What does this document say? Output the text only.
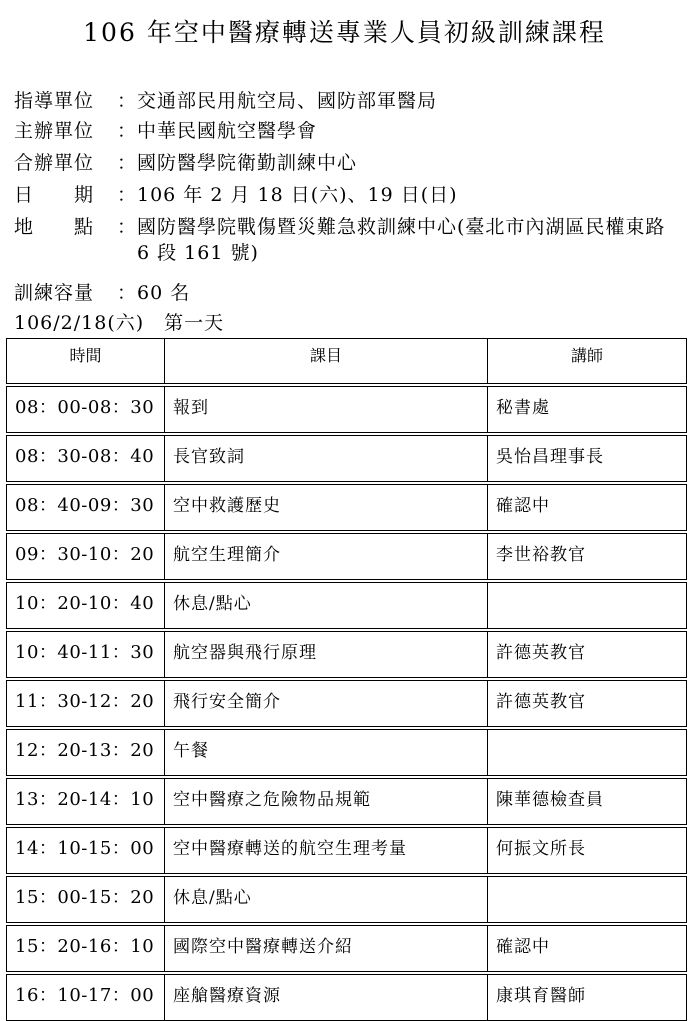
106 年空中醫療轉送專業人員初級訓練課程
指導單位 ：交通部民用航空局、國防部軍醫局
主辦單位 ：中華民國航空醫學會
合辦單位 ：國防醫學院衛勤訓練中心
日　　期 ：106 年 2 月 18 日(六)、19 日(日)
地　　點 ：國防醫學院戰傷暨災難急救訓練中心(臺北市內湖區民權東路 6 段 161 號)
訓練容量 ：60 名
106/2/18(六)　第一天
時間	課目	講師

08：00-08：30	報到	秘書處

08：30-08：40	長官致詞	吳怡昌理事長

08：40-09：30	空中救護歷史	確認中

09：30-10：20	航空生理簡介	李世裕教官

10：20-10：40	休息/點心	

10：40-11：30	航空器與飛行原理	許德英教官

11：30-12：20	飛行安全簡介	許德英教官

12：20-13：20	午餐	

13：20-14：10	空中醫療之危險物品規範	陳華德檢查員

14：10-15：00	空中醫療轉送的航空生理考量	何振文所長

15：00-15：20	休息/點心	

15：20-16：10	國際空中醫療轉送介紹	確認中

16：10-17：00	座艙醫療資源	康琪育醫師
